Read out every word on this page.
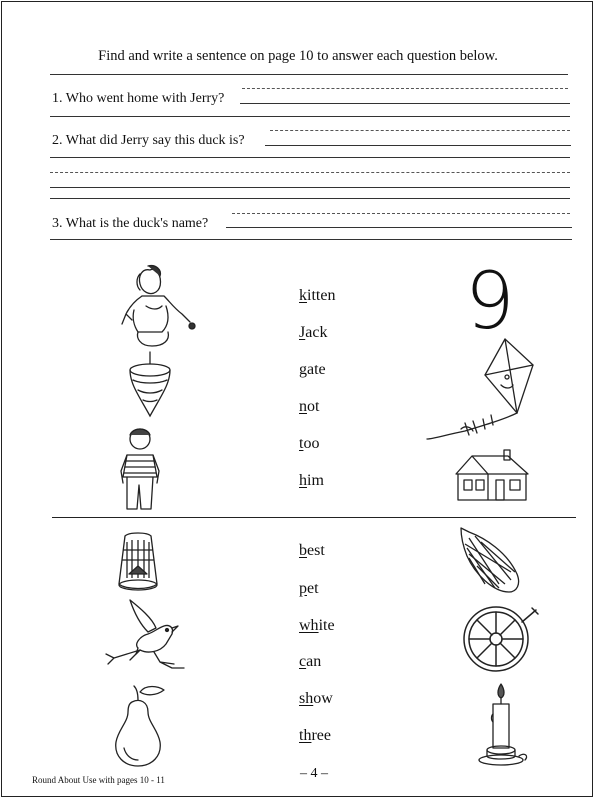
Find and write a sentence on page 10 to answer each question below.
1. Who went home with Jerry?
2. What did Jerry say this duck is?
3. What is the duck's name?
kitten
Jack
gate
not
too
him
9
best
pet
white
can
show
three
Round About Use with pages 10 - 11	– 4 –
